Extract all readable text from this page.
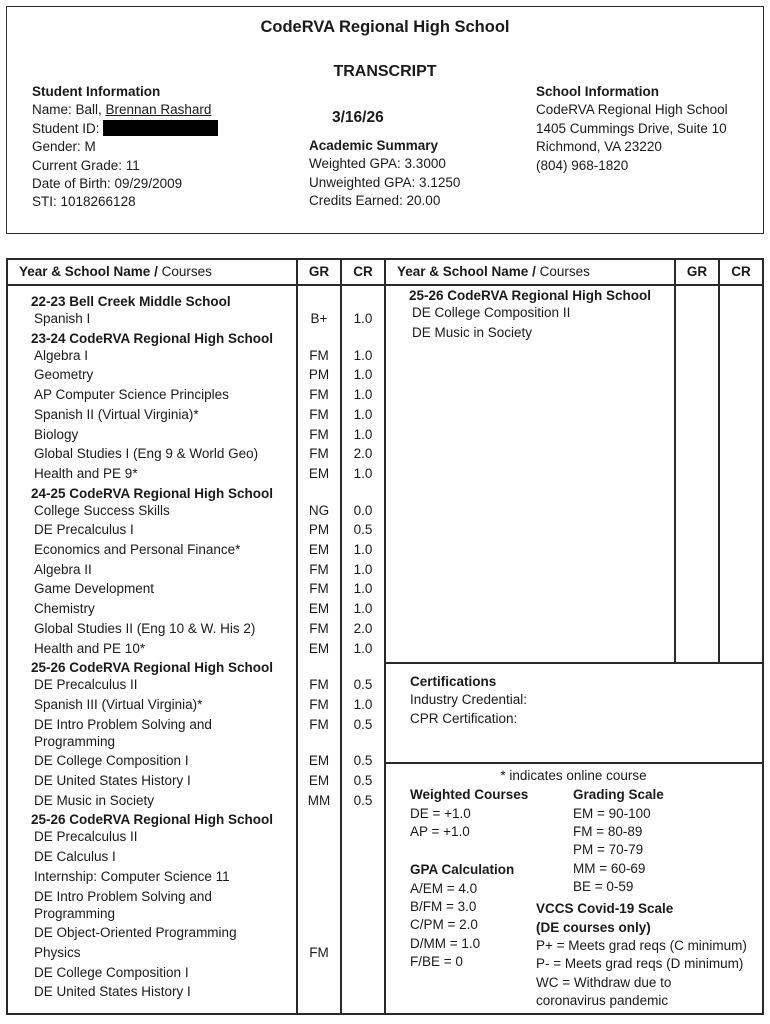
CodeRVA Regional High School
TRANSCRIPT
Student Information
Name: Ball, Brennan Rashard
Student ID:
Gender: M
Current Grade: 11
Date of Birth: 09/29/2009
STI: 1018266128
3/16/26
Academic Summary
Weighted GPA: 3.3000
Unweighted GPA: 3.1250
Credits Earned: 20.00
School Information
CodeRVA Regional High School
1405 Cummings Drive, Suite 10
Richmond, VA 23220
(804) 968-1820
Year & School Name / Courses	GR	CR	Year & School Name / Courses	GR	CR
22-23 Bell Creek Middle School
Spanish I	B+	1.0
23-24 CodeRVA Regional High School
Algebra I	FM	1.0
Geometry	PM	1.0
AP Computer Science Principles	FM	1.0
Spanish II (Virtual Virginia)*	FM	1.0
Biology	FM	1.0
Global Studies I (Eng 9 & World Geo)	FM	2.0
Health and PE 9*	EM	1.0
24-25 CodeRVA Regional High School
College Success Skills	NG	0.0
DE Precalculus I	PM	0.5
Economics and Personal Finance*	EM	1.0
Algebra II	FM	1.0
Game Development	FM	1.0
Chemistry	EM	1.0
Global Studies II (Eng 10 & W. His 2)	FM	2.0
Health and PE 10*	EM	1.0
25-26 CodeRVA Regional High School
DE Precalculus II	FM	0.5
Spanish III (Virtual Virginia)*	FM	1.0
DE Intro Problem Solving and	FM	0.5
Programming
DE College Composition I	EM	0.5
DE United States History I	EM	0.5
DE Music in Society	MM	0.5
25-26 CodeRVA Regional High School
DE Precalculus II
DE Calculus I
Internship: Computer Science 11
DE Intro Problem Solving and
Programming
DE Object-Oriented Programming
Physics	FM
DE College Composition I
DE United States History I
25-26 CodeRVA Regional High School
DE College Composition II
DE Music in Society
Certifications
Industry Credential:
CPR Certification:
* indicates online course
Weighted Courses
DE = +1.0
AP = +1.0
GPA Calculation
A/EM = 4.0
B/FM = 3.0
C/PM = 2.0
D/MM = 1.0
F/BE = 0
Grading Scale
EM = 90-100
FM = 80-89
PM = 70-79
MM = 60-69
BE = 0-59
VCCS Covid-19 Scale
(DE courses only)
P+ = Meets grad reqs (C minimum)
P- = Meets grad reqs (D minimum)
WC = Withdraw due to
coronavirus pandemic
